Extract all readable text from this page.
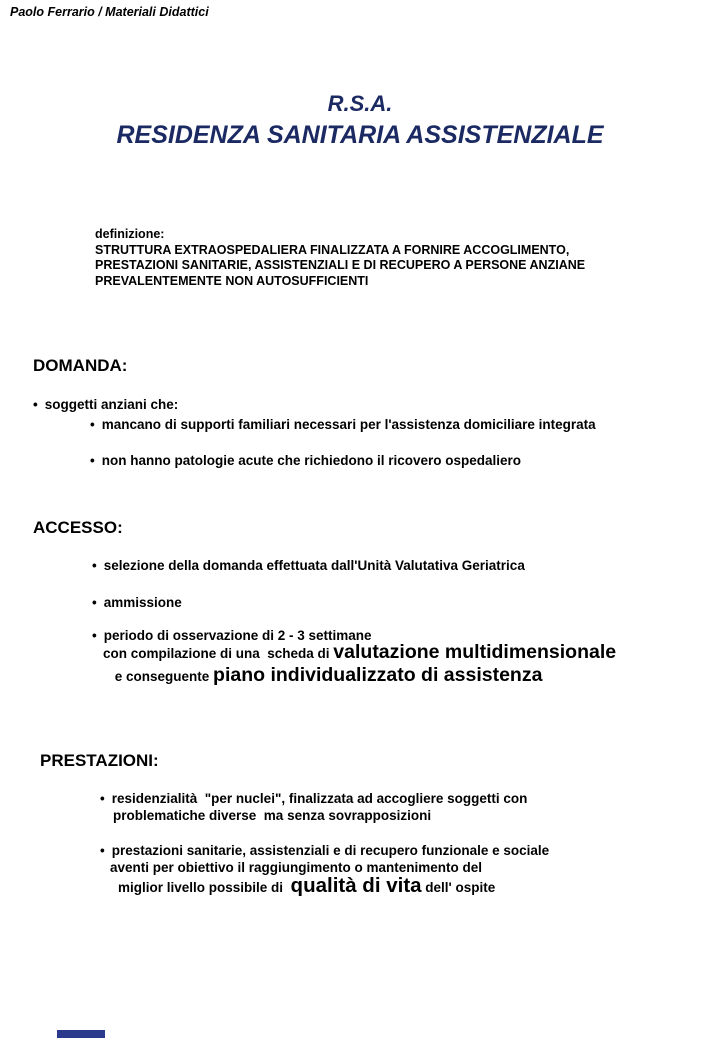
Paolo Ferrario / Materiali Didattici
R.S.A.
RESIDENZA SANITARIA ASSISTENZIALE
definizione:
STRUTTURA EXTRAOSPEDALIERA FINALIZZATA A FORNIRE ACCOGLIMENTO,
PRESTAZIONI SANITARIE, ASSISTENZIALI E DI RECUPERO A PERSONE ANZIANE
PREVALENTEMENTE NON AUTOSUFFICIENTI
DOMANDA:
• soggetti anziani che:
• mancano di supporti familiari necessari per l'assistenza domiciliare integrata
• non hanno patologie acute che richiedono il ricovero ospedaliero
ACCESSO:
• selezione della domanda effettuata dall'Unità Valutativa Geriatrica
• ammissione
• periodo di osservazione di 2 - 3 settimane
con compilazione di una  scheda di valutazione multidimensionale
e conseguente piano individualizzato di assistenza
PRESTAZIONI:
• residenzialità  "per nuclei", finalizzata ad accogliere soggetti con
problematiche diverse  ma senza sovrapposizioni
• prestazioni sanitarie, assistenziali e di recupero funzionale e sociale
aventi per obiettivo il raggiungimento o mantenimento del
miglior livello possibile di  qualità di vita dell' ospite
